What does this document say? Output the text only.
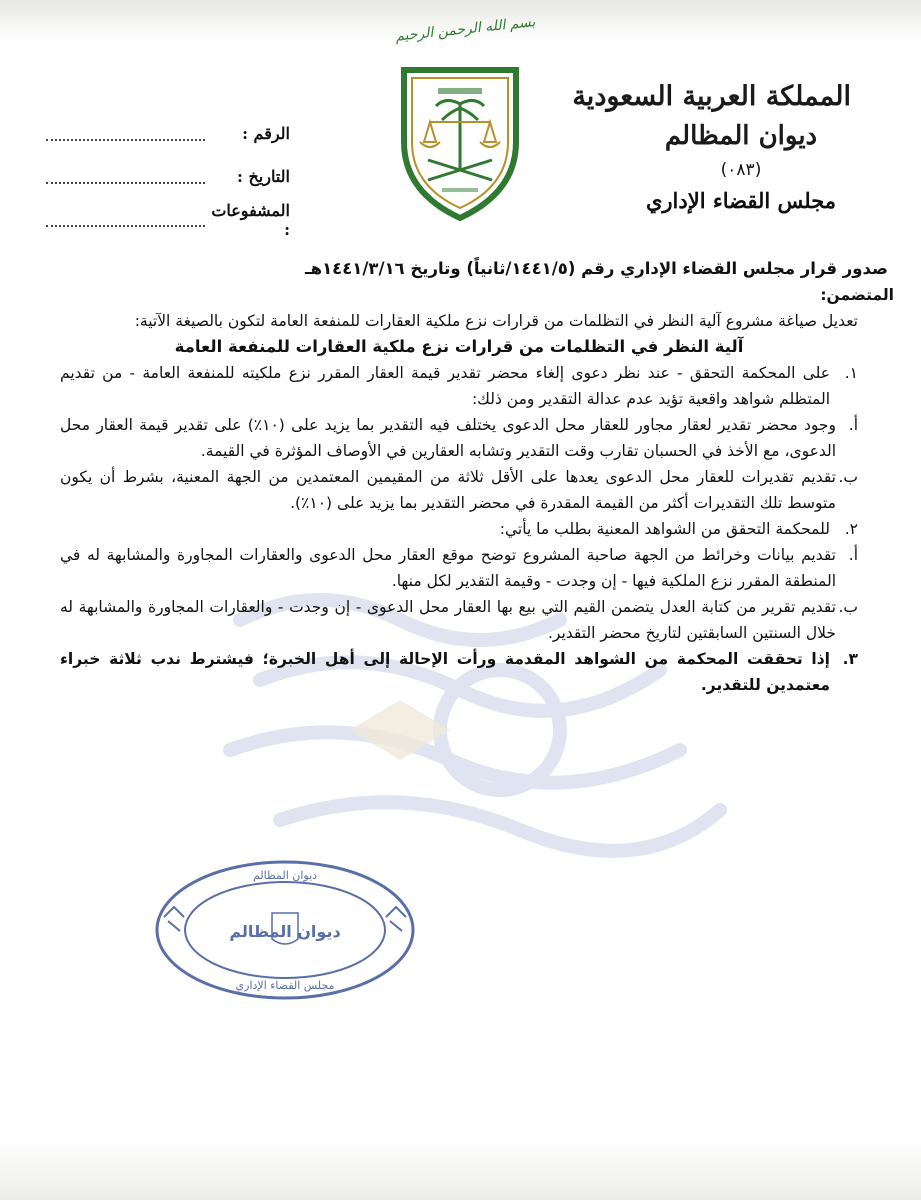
المملكة العربية السعودية
ديوان المظالم
(٠٨٣)
مجلس القضاء الإداري
بسم الله الرحمن الرحيم
الرقم :
التاريخ :
المشفوعات :
صدور قرار مجلس القضاء الإداري رقم (١٤٤١/٥/ثانياً) وتاريخ ١٤٤١/٣/١٦هـ
المتضمن:
تعديل صياغة مشروع آلية النظر في التظلمات من قرارات نزع ملكية العقارات للمنفعة العامة لتكون بالصيغة الآتية:
آلية النظر في التظلمات من قرارات نزع ملكية العقارات للمنفعة العامة
١.
على المحكمة التحقق - عند نظر دعوى إلغاء محضر تقدير قيمة العقار المقرر نزع ملكيته للمنفعة العامة - من تقديم المتظلم شواهد واقعية تؤيد عدم عدالة التقدير ومن ذلك:
أ.
وجود محضر تقدير لعقار مجاور للعقار محل الدعوى يختلف فيه التقدير بما يزيد على (١٠٪) على تقدير قيمة العقار محل الدعوى، مع الأخذ في الحسبان تقارب وقت التقدير وتشابه العقارين في الأوصاف المؤثرة في القيمة.
ب.
تقديم تقديرات للعقار محل الدعوى يعدها على الأقل ثلاثة من المقيمين المعتمدين من الجهة المعنية، بشرط أن يكون متوسط تلك التقديرات أكثر من القيمة المقدرة في محضر التقدير بما يزيد على (١٠٪).
٢.
للمحكمة التحقق من الشواهد المعنية بطلب ما يأتي:
أ.
تقديم بيانات وخرائط من الجهة صاحبة المشروع توضح موقع العقار محل الدعوى والعقارات المجاورة والمشابهة له في المنطقة المقرر نزع الملكية فيها - إن وجدت - وقيمة التقدير لكل منها.
ب.
تقديم تقرير من كتابة العدل يتضمن القيم التي بيع بها العقار محل الدعوى - إن وجدت - والعقارات المجاورة والمشابهة له خلال السنتين السابقتين لتاريخ محضر التقدير.
٣.
إذا تحققت المحكمة من الشواهد المقدمة ورأت الإحالة إلى أهل الخبرة؛ فيشترط ندب ثلاثة خبراء معتمدين للتقدير.
ديوان المظالم
ديوان المظالم
مجلس القضاء الإداري
